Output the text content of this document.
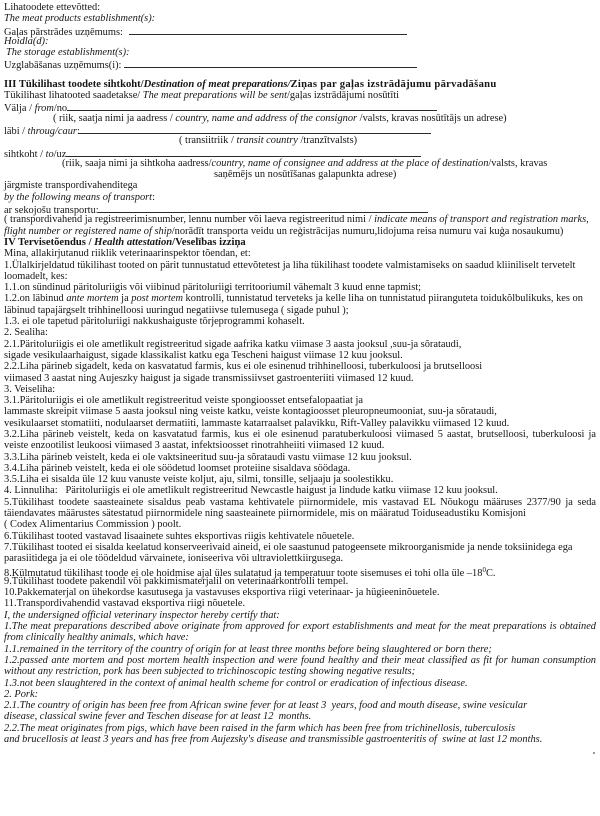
Lihatoodete ettevõtted:
The meat products establishment(s):
Gaļas pārstrādes uzņēmums:
Hoidla(d):
The storage establishment(s):
Uzglabāšanas uzņēmums(i):
III Tükilihast toodete sihtkoht/Destination of meat preparations/Ziņas par gaļas izstrādājumu pārvadāšanu
Tükilihast lihatooted saadetakse/ The meat preparations will be sent/gaļas izstrādājumi nosūtīti
Välja / from/no
( riik, saatja nimi ja aadress / country, name and address of the consignor /valsts, kravas nosūtītājs un adrese)
läbi / throug/caur:
( transiitriik / transit country /tranzītvalsts)
sihtkoht / to/uz
(riik, saaja nimi ja sihtkoha aadress/country, name of consignee and address at the place of destination/valsts, kravas
saņēmējs un nosūtīšanas galapunkta adrese)
järgmiste transpordivahenditega
by the following means of transport:
ar sekojošu transportu:
( transpordivahend ja registreerimisnumber, lennu number või laeva registreeritud nimi / indicate means of transport and registration marks, flight number or registered name of ship/norādīt transporta veidu un reģistrācijas numuru,lidojuma reisa numuru vai kuģa nosaukumu)
IV Tervisetõendus / Health attestation/Veselības izziņa
Mina, allakirjutanud riiklik veterinaarinspektor tõendan, et:
1.Ülalkirjeldatud tükilihast tooted on pärit tunnustatud ettevõtetest ja liha tükilihast toodete valmistamiseks on saadud kliiniliselt tervetelt loomadelt, kes:
1.1.on sündinud päritoluriigis või viibinud päritoluriigi territooriumil vähemalt 3 kuud enne tapmist;
1.2.on läbinud ante mortem ja post mortem kontrolli, tunnistatud terveteks ja kelle liha on tunnistatud piiranguteta toidukõlbulikuks, kes on läbinud tapajärgselt trihhinelloosi uuringud negatiivse tulemusega ( sigade puhul );
1.3. ei ole tapetud päritoluriigi nakkushaiguste tõrjeprogrammi kohaselt.
2. Sealiha:
2.1.Päritoluriigis ei ole ametlikult registreeritud sigade aafrika katku viimase 3 aasta jooksul ,suu-ja sõrataudi,
sigade vesikulaarhaigust, sigade klassikalist katku ega Tescheni haigust viimase 12 kuu jooksul.
2.2.Liha pärineb sigadelt, keda on kasvatatud farmis, kus ei ole esinenud trihhinelloosi, tuberkuloosi ja brutselloosi
viimased 3 aastat ning Aujeszky haigust ja sigade transmissiivset gastroenteriiti viimased 12 kuud.
3. Veiseliha:
3.1.Päritoluriigis ei ole ametlikult registreeritud veiste spongioosset entsefalopaatiat ja
lammaste skreipit viimase 5 aasta jooksul ning veiste katku, veiste kontagioosset pleuropneumooniat, suu-ja sõrataudi,
vesikulaarset stomatiiti, nodulaarset dermatiiti, lammaste katarraalset palavikku, Rift-Valley palavikku viimased 12 kuud.
3.2.Liha pärineb veistelt, keda on kasvatatud farmis, kus ei ole esinenud paratuberkuloosi viimased 5 aastat, brutselloosi, tuberkuloosi ja veiste enzootilist leukoosi viimased 3 aastat, infektsioosset rinotrahheiiti viimased 12 kuud.
3.3.Liha pärineb veistelt, keda ei ole vaktsineeritud suu-ja sõrataudi vastu viimase 12 kuu jooksul.
3.4.Liha pärineb veistelt, keda ei ole söödetud loomset proteiine sisaldava söödaga.
3.5.Liha ei sisalda üle 12 kuu vanuste veiste koljut, aju, silmi, tonsille, seljaaju ja soolestikku.
4. Linnuliha:   Päritoluriigis ei ole ametlikult registreeritud Newcastle haigust ja lindude katku viimase 12 kuu jooksul.
5.Tükilihast toodete saasteainete sisaldus peab vastama kehtivatele piirnormidele, mis vastavad EL Nõukogu määruses 2377/90 ja seda täiendavates määrustes sätestatud piirnormidele ning saasteainete piirnormidele, mis on määratud Toiduseadustiku Komisjoni
( Codex Alimentarius Commission ) poolt.
6.Tükilihast tooted vastavad lisaainete suhtes eksportivas riigis kehtivatele nõuetele.
7.Tükilihast tooted ei sisalda keelatud konserveerivaid aineid, ei ole saastunud patogeensete mikroorganismide ja nende toksiinidega ega parasiitidega ja ei ole töödeldud värvainete, ioniseeriva või ultraviolettkiirgusega.
8.Külmutatud tükilihast toode ei ole hoidmise ajal üles sulatatud ja temperatuur toote sisemuses ei tohi olla üle $-18^0C$.
9.Tükilihast toodete pakendil või pakkimismaterjalil on veterinaarkontrolli tempel.
10.Pakkematerjal on ühekordse kasutusega ja vastavuses eksportiva riigi veterinaar- ja hügieeninõuetele.
11.Transpordivahendid vastavad eksportiva riigi nõuetele.
I, the undersigned official veterinary inspector hereby certify that:
1.The meat preparations described above originate from approved for export establishments and meat for the meat preparations is obtained from clinically healthy animals, which have:
1.1.remained in the territory of the country of origin for at least three months before being slaughtered or born there;
1.2.passed ante mortem and post mortem health inspection and were found healthy and their meat classified as fit for human consumption without any restriction, pork has been subjected to trichinoscopic testing showing negative results;
1.3.not been slaughtered in the context of animal health scheme for control or eradication of infectious disease.
2. Pork:
2.1.The country of origin has been free from African swine fever for at least 3  years, food and mouth disease, swine vesicular
disease, classical swine fever and Teschen disease for at least 12  months.
2.2.The meat originates from pigs, which have been raised in the farm which has been free from trichinellosis, tuberculosis
and brucellosis at least 3 years and has free from Aujezsky's disease and transmissible gastroenteritis of  swine at last 12 months.
